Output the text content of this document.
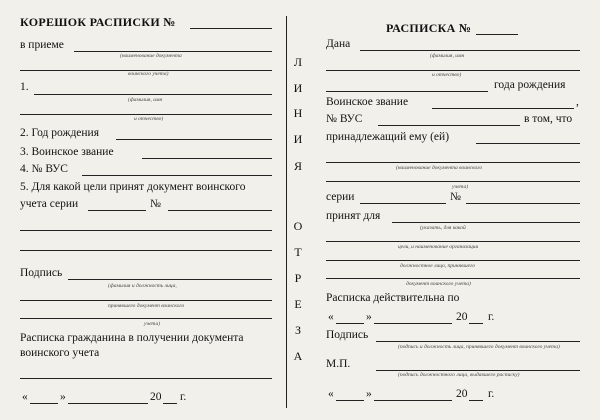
КОРЕШОК РАСПИСКИ №
в приеме
(наименование документа
воинского учета)
1.
(фамилия, имя
и отчество)
2. Год рождения
3. Воинское звание
4. № ВУС
5. Для какой цели принят документ воинского
учета серии	№
Подпись
(фамилия и должность лица,
принявшего документ воинского
учета)
Расписка гражданина в получении документа
воинского учета
«	»	20 г.
Л
И
Н
И
Я
О
Т
Р
Е
З
А
РАСПИСКА №
Дана
(фамилия, имя
и отчество)
года рождения
Воинское звание	,
№ ВУС	в том, что
принадлежащий ему (ей)
(наименование документа воинского
учета)
серии	№
принят для
(указать, для какой
цели, и наименование организации
должностное лицо, принявшего
документ воинского учета)
Расписка действительна по
«	»	20 г.
Подпись
(подпись и должность лица, принявшего документ воинского учета)
М.П.
(подпись должностного лица, выдавшего расписку)
«	»	20 г.
